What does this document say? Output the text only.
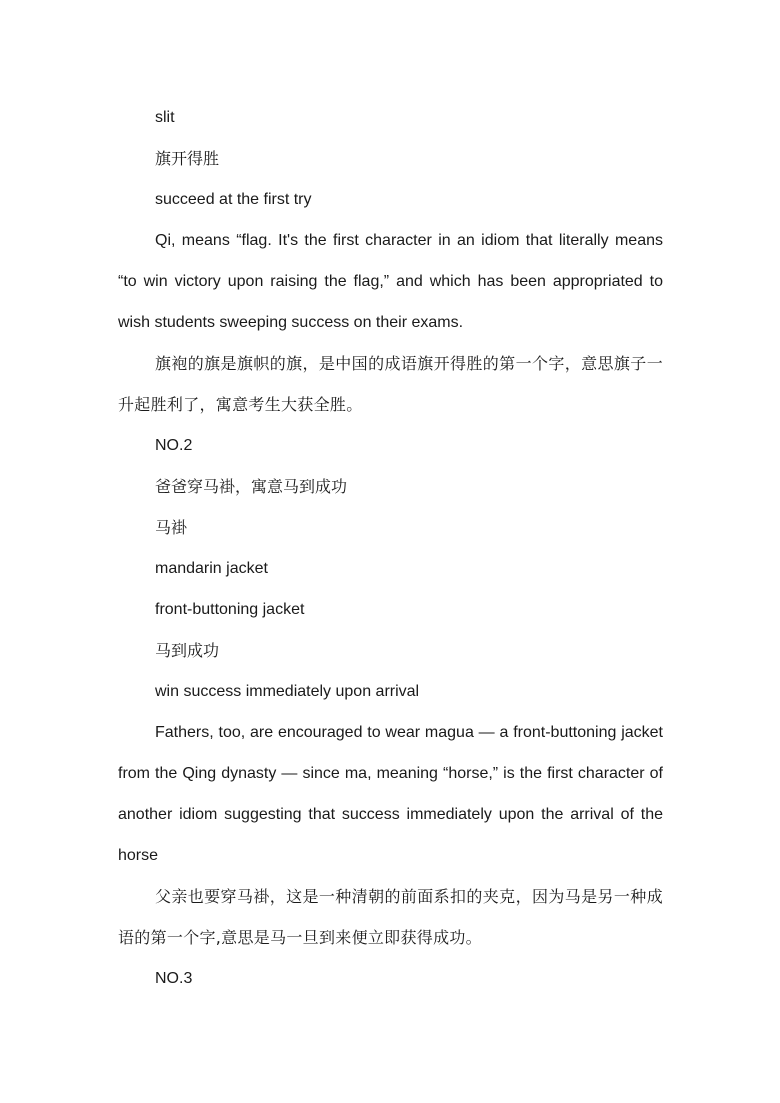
slit
旗开得胜
succeed at the first try
Qi, means “flag. It's the first character in an idiom that literally means “to win victory upon raising the flag,” and which has been appropriated to wish students sweeping success on their exams.
旗袍的旗是旗帜的旗，是中国的成语旗开得胜的第一个字，意思旗子一升起胜利了，寓意考生大获全胜。
NO.2
爸爸穿马褂，寓意马到成功
马褂
mandarin jacket
front-buttoning jacket
马到成功
win success immediately upon arrival
Fathers, too, are encouraged to wear magua — a front-buttoning jacket from the Qing dynasty — since ma, meaning “horse,” is the first character of another idiom suggesting that success immediately upon the arrival of the horse
父亲也要穿马褂，这是一种清朝的前面系扣的夹克，因为马是另一种成语的第一个字,意思是马一旦到来便立即获得成功。
NO.3
